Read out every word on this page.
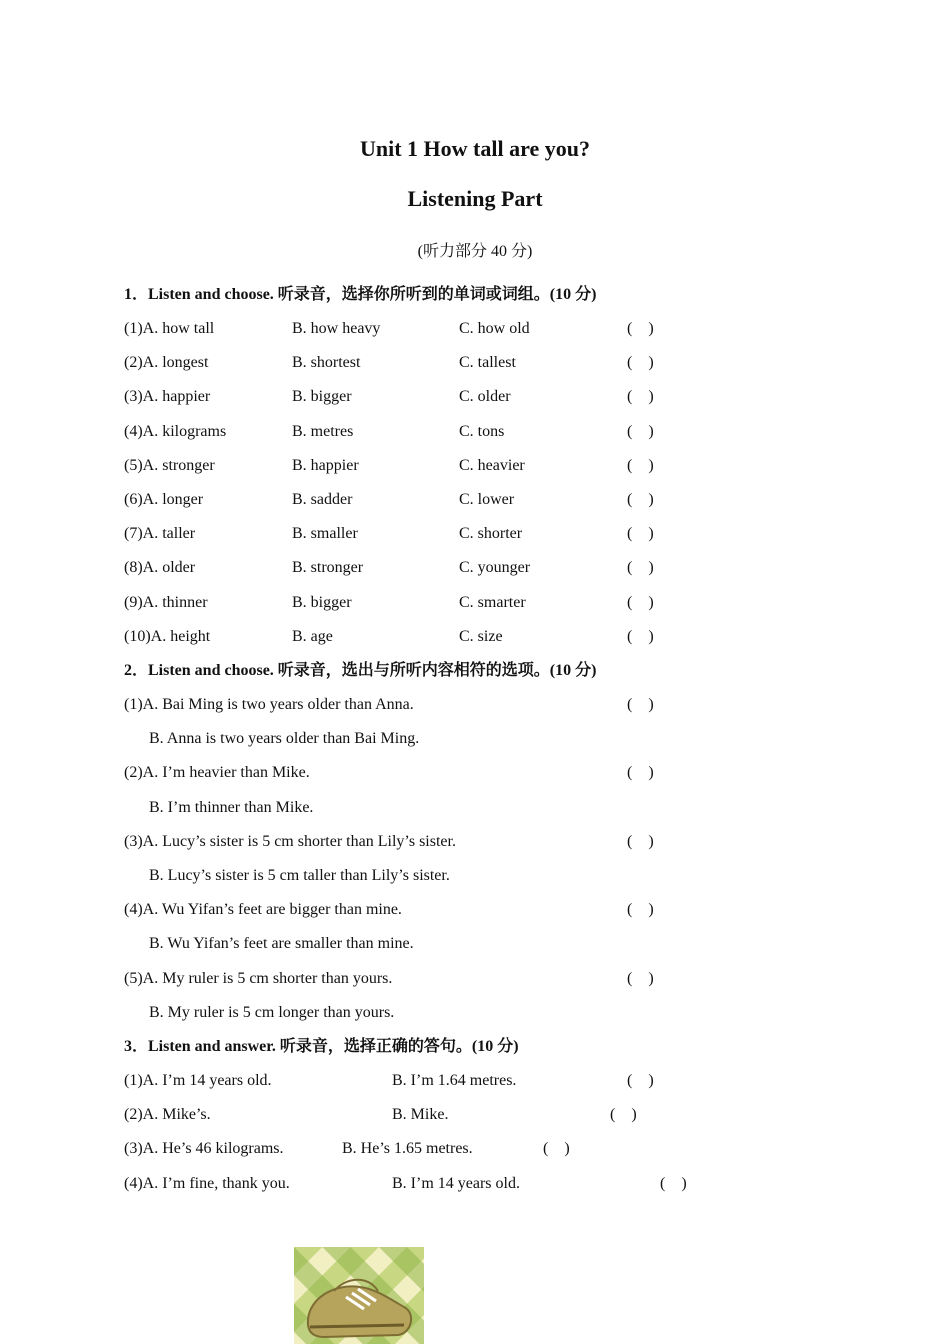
Unit 1 How tall are you?
Listening Part
(听力部分 40 分)
1．Listen and choose. 听录音，选择你所听到的单词或词组。(10 分)
(1)A. how tall	B. how heavy	C. how old	(    )
(2)A. longest	B. shortest	C. tallest	(    )
(3)A. happier	B. bigger	C. older	(    )
(4)A. kilograms	B. metres	C. tons	(    )
(5)A. stronger	B. happier	C. heavier	(    )
(6)A. longer	B. sadder	C. lower	(    )
(7)A. taller	B. smaller	C. shorter	(    )
(8)A. older	B. stronger	C. younger	(    )
(9)A. thinner	B. bigger	C. smarter	(    )
(10)A. height	B. age	C. size	(    )
2．Listen and choose. 听录音，选出与所听内容相符的选项。(10 分)
(1)A. Bai Ming is two years older than Anna.	(    )
B. Anna is two years older than Bai Ming.
(2)A. I’m heavier than Mike.	(    )
B. I’m thinner than Mike.
(3)A. Lucy’s sister is 5 cm shorter than Lily’s sister.	(    )
B. Lucy’s sister is 5 cm taller than Lily’s sister.
(4)A. Wu Yifan’s feet are bigger than mine.	(    )
B. Wu Yifan’s feet are smaller than mine.
(5)A. My ruler is 5 cm shorter than yours.	(    )
B. My ruler is 5 cm longer than yours.
3．Listen and answer. 听录音，选择正确的答句。(10 分)
(1)A. I’m 14 years old.	B. I’m 1.64 metres.	(    )
(2)A. Mike’s.	B. Mike.	(    )
(3)A. He’s 46 kilograms.	B. He’s 1.65 metres.	(    )
(4)A. I’m fine, thank you.	B. I’m 14 years old.	(    )
